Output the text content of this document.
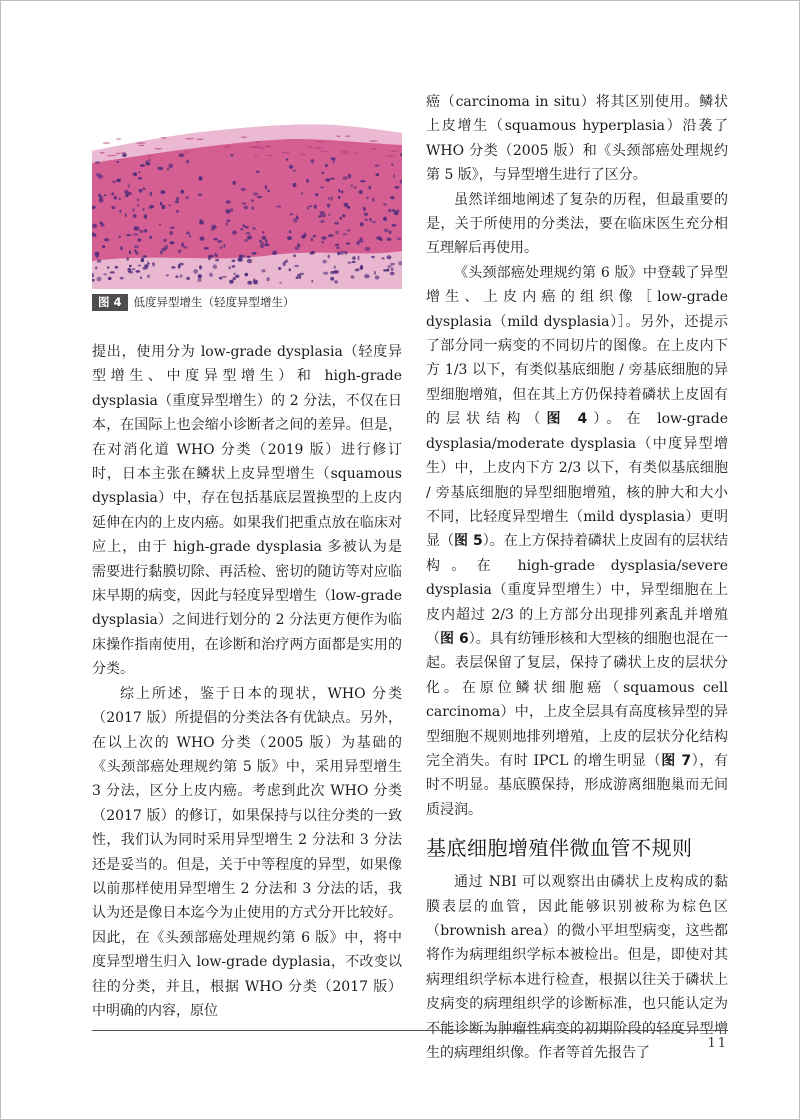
图 4 低度异型增生（轻度异型增生）

提出，使用分为 low-grade dysplasia（轻度异型增生、中度异型增生）和 high-grade dysplasia（重度异型增生）的 2 分法，不仅在日本，在国际上也会缩小诊断者之间的差异。但是，在对消化道 WHO 分类（2019 版）进行修订时，日本主张在鳞状上皮异型增生（squamous dysplasia）中，存在包括基底层置换型的上皮内延伸在内的上皮内癌。如果我们把重点放在临床对应上，由于 high-grade dysplasia 多被认为是需要进行黏膜切除、再活检、密切的随访等对应临床早期的病变，因此与轻度异型增生（low-grade dysplasia）之间进行划分的 2 分法更方便作为临床操作指南使用，在诊断和治疗两方面都是实用的分类。

综上所述，鉴于日本的现状，WHO 分类（2017 版）所提倡的分类法各有优缺点。另外，在以上次的 WHO 分类（2005 版）为基础的《头颈部癌处理规约第 5 版》中，采用异型增生 3 分法，区分上皮内癌。考虑到此次 WHO 分类（2017 版）的修订，如果保持与以往分类的一致性，我们认为同时采用异型增生 2 分法和 3 分法还是妥当的。但是，关于中等程度的异型，如果像以前那样使用异型增生 2 分法和 3 分法的话，我认为还是像日本迄今为止使用的方式分开比较好。因此，在《头颈部癌处理规约第 6 版》中，将中度异型增生归入 low-grade dyplasia，不改变以往的分类，并且，根据 WHO 分类（2017 版）中明确的内容，原位

癌（carcinoma in situ）将其区别使用。鳞状上皮增生（squamous hyperplasia）沿袭了 WHO 分类（2005 版）和《头颈部癌处理规约第 5 版》，与异型增生进行了区分。

虽然详细地阐述了复杂的历程，但最重要的是，关于所使用的分类法，要在临床医生充分相互理解后再使用。

《头颈部癌处理规约第 6 版》中登载了异型增生、上皮内癌的组织像［low-grade dysplasia（mild dysplasia）］。另外，还提示了部分同一病变的不同切片的图像。在上皮内下方 1/3 以下，有类似基底细胞 / 旁基底细胞的异型细胞增殖，但在其上方仍保持着磷状上皮固有的层状结构（图 4）。在 low-grade dysplasia/moderate dysplasia（中度异型增生）中，上皮内下方 2/3 以下，有类似基底细胞 / 旁基底细胞的异型细胞增殖，核的肿大和大小不同，比轻度异型增生（mild dysplasia）更明显（图 5）。在上方保持着磷状上皮固有的层状结构。在 high-grade dysplasia/severe dysplasia（重度异型增生）中，异型细胞在上皮内超过 2/3 的上方部分出现排列紊乱并增殖（图 6）。具有纺锤形核和大型核的细胞也混在一起。表层保留了复层，保持了磷状上皮的层状分化。在原位鳞状细胞癌（squamous cell carcinoma）中，上皮全层具有高度核异型的异型细胞不规则地排列增殖，上皮的层状分化结构完全消失。有时 IPCL 的增生明显（图 7），有时不明显。基底膜保持，形成游离细胞巢而无间质浸润。

基底细胞增殖伴微血管不规则

通过 NBI 可以观察出由磷状上皮构成的黏膜表层的血管，因此能够识别被称为棕色区（brownish area）的微小平坦型病变，这些都将作为病理组织学标本被检出。但是，即使对其病理组织学标本进行检查，根据以往关于磷状上皮病变的病理组织学的诊断标准，也只能认定为不能诊断为肿瘤性病变的初期阶段的轻度异型增生的病理组织像。作者等首先报告了

11
